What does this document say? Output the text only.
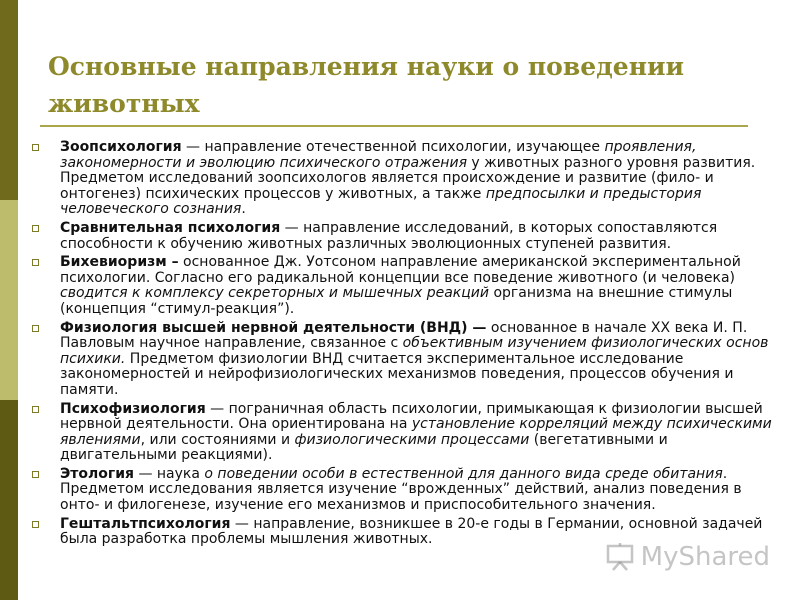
Основные направления науки о поведении животных
Зоопсихология — направление отечественной психологии, изучающее проявления, закономерности и эволюцию психического отражения у животных разного уровня развития. Предметом исследований зоопсихологов является происхождение и развитие (фило- и онтогенез) психических процессов у животных, а также предпосылки и предыстория человеческого сознания.
Сравнительная психология — направление исследований, в которых сопоставляются способности к обучению животных различных эволюционных ступеней развития.
Бихевиоризм – основанное Дж. Уотсоном направление американской экспериментальной психологии. Согласно его радикальной концепции все поведение животного (и человека) сводится к комплексу секреторных и мышечных реакций организма на внешние стимулы (концепция “стимул-реакция”).
Физиология высшей нервной деятельности (ВНД) — основанное в начале XX века И. П. Павловым научное направление, связанное с объективным изучением физиологических основ психики. Предметом физиологии ВНД считается экспериментальное исследование закономерностей и нейрофизиологических механизмов поведения, процессов обучения и памяти.
Психофизиология — пограничная область психологии, примыкающая к физиологии высшей нервной деятельности. Она ориентирована на установление корреляций между психическими явлениями, или состояниями и физиологическими процессами (вегетативными и двигательными реакциями).
Этология — наука о поведении особи в естественной для данного вида среде обитания. Предметом исследования является изучение “врожденных” действий, анализ поведения в онто- и филогенезе, изучение его механизмов и приспособительного значения.
Гештальтпсихология — направление, возникшее в 20-е годы в Германии, основной задачей была разработка проблемы мышления животных.
MyShared
